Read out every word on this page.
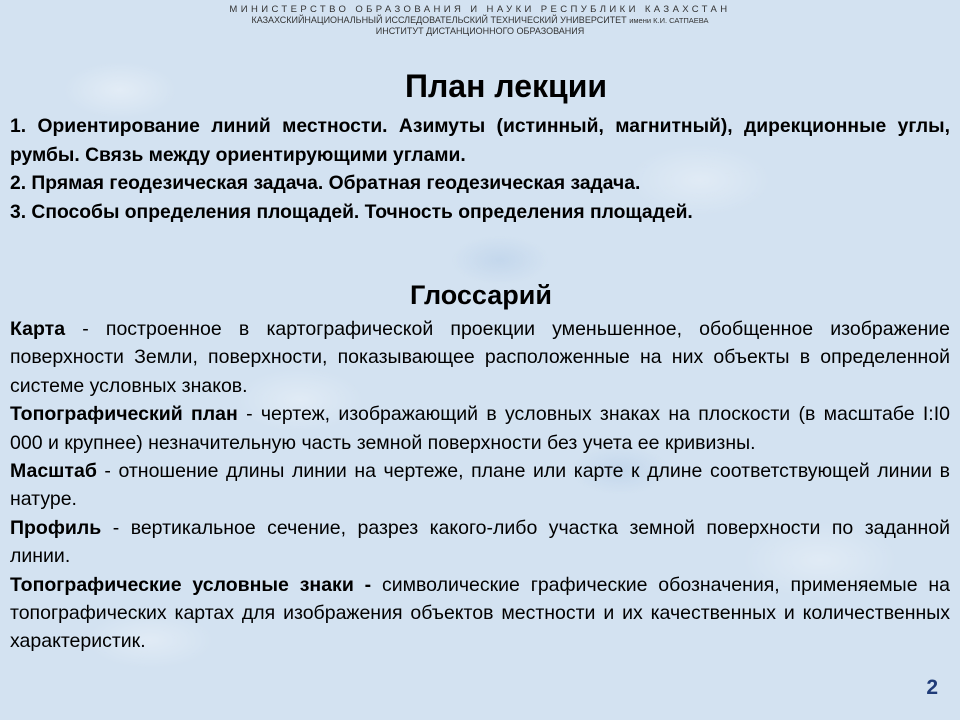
МИНИСТЕРСТВО ОБРАЗОВАНИЯ И НАУКИ РЕСПУБЛИКИ КАЗАХСТАН
КАЗАХСКИЙНАЦИОНАЛЬНЫЙ ИССЛЕДОВАТЕЛЬСКИЙ ТЕХНИЧЕСКИЙ УНИВЕРСИТЕТ имени К.И. САТПАЕВА
ИНСТИТУТ ДИСТАНЦИОННОГО ОБРАЗОВАНИЯ
План лекции
1. Ориентирование линий местности. Азимуты (истинный, магнитный), дирекционные углы, румбы. Связь между ориентирующими углами.
2. Прямая геодезическая задача. Обратная геодезическая задача.
3. Способы определения площадей. Точность определения площадей.
Глоссарий

Карта - построенное в картографической проекции уменьшенное, обобщенное изображение поверхности Земли, поверхности, показывающее расположенные на них объекты в определенной системе условных знаков.

Топографический план - чертеж, изображающий в условных знаках на плоскости (в масштабе I:I0 000 и крупнее) незначительную часть земной поверхности без учета ее кривизны.

Масштаб - отношение длины линии на чертеже, плане или карте к длине соответствующей линии в натуре.

Профиль - вертикальное сечение, разрез какого-либо участка земной поверхности по заданной линии.

Топографические условные знаки - символические графические обозначения, применяемые на топографических картах для изображения объектов местности и их качественных и количественных характеристик.

2
